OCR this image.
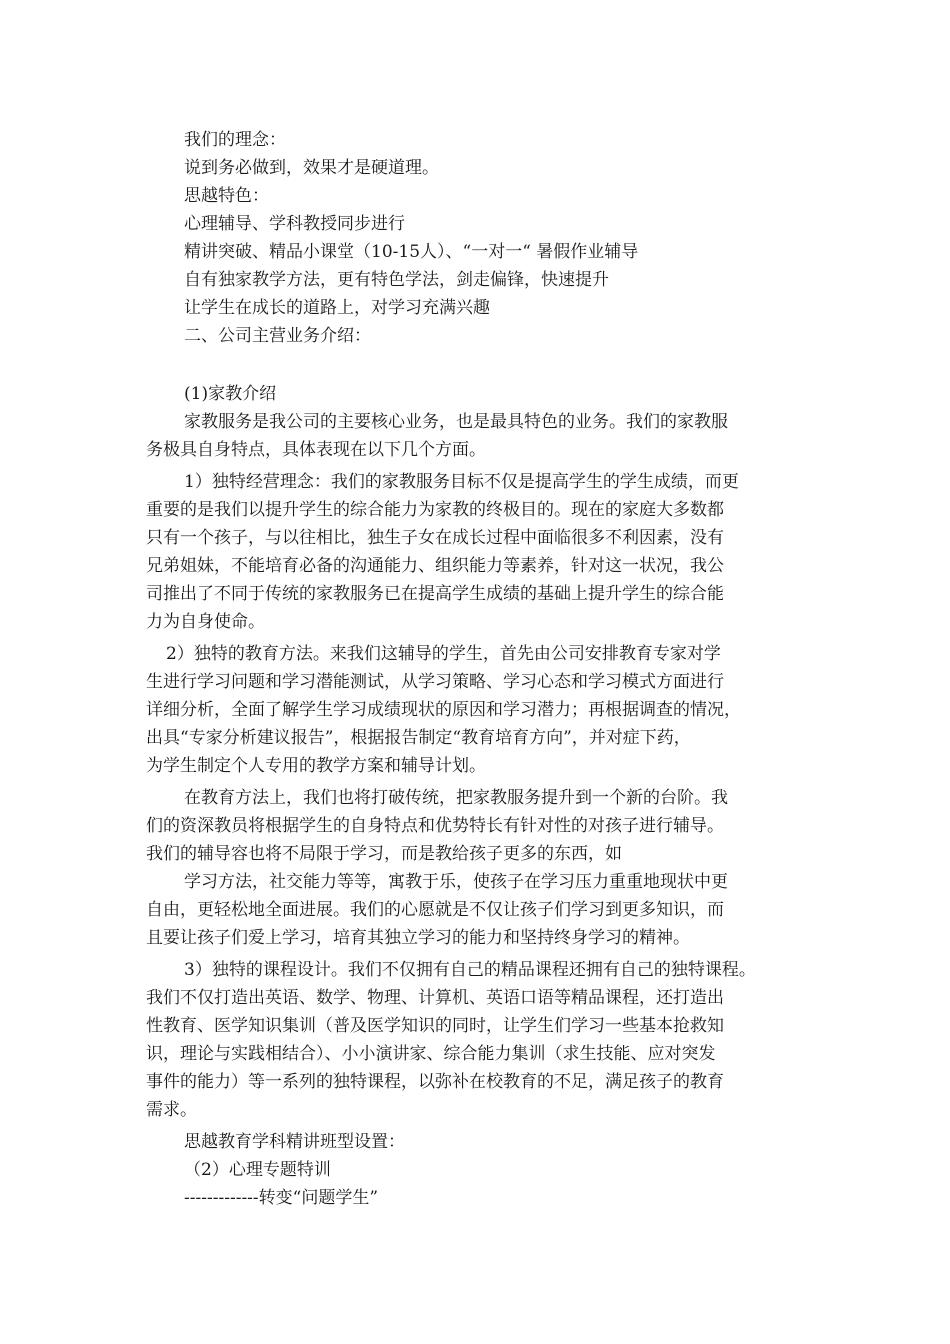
我们的理念：
说到务必做到，效果才是硬道理。
思越特色：
心理辅导、学科教授同步进行
精讲突破、精品小课堂（10-15人）、“一对一“ 暑假作业辅导
自有独家教学方法，更有特色学法，剑走偏锋，快速提升
让学生在成长的道路上，对学习充满兴趣
二、公司主营业务介绍：
(1)家教介绍
家教服务是我公司的主要核心业务，也是最具特色的业务。我们的家教服
务极具自身特点，具体表现在以下几个方面。
1）独特经营理念：我们的家教服务目标不仅是提高学生的学生成绩，而更
重要的是我们以提升学生的综合能力为家教的终极目的。现在的家庭大多数都
只有一个孩子，与以往相比，独生子女在成长过程中面临很多不利因素，没有
兄弟姐妹，不能培育必备的沟通能力、组织能力等素养，针对这一状况，我公
司推出了不同于传统的家教服务已在提高学生成绩的基础上提升学生的综合能
力为自身使命。
2）独特的教育方法。来我们这辅导的学生，首先由公司安排教育专家对学
生进行学习问题和学习潜能测试，从学习策略、学习心态和学习模式方面进行
详细分析，全面了解学生学习成绩现状的原因和学习潜力；再根据调查的情况，
出具“专家分析建议报告”，根据报告制定“教育培育方向”，并对症下药，
为学生制定个人专用的教学方案和辅导计划。
在教育方法上，我们也将打破传统，把家教服务提升到一个新的台阶。我
们的资深教员将根据学生的自身特点和优势特长有针对性的对孩子进行辅导。
我们的辅导容也将不局限于学习，而是教给孩子更多的东西，如
学习方法，社交能力等等，寓教于乐，使孩子在学习压力重重地现状中更
自由，更轻松地全面进展。我们的心愿就是不仅让孩子们学习到更多知识，而
且要让孩子们爱上学习，培育其独立学习的能力和坚持终身学习的精神。
3）独特的课程设计。我们不仅拥有自己的精品课程还拥有自己的独特课程。
我们不仅打造出英语、数学、物理、计算机、英语口语等精品课程，还打造出
性教育、医学知识集训（普及医学知识的同时，让学生们学习一些基本抢救知
识，理论与实践相结合）、小小演讲家、综合能力集训（求生技能、应对突发
事件的能力）等一系列的独特课程，以弥补在校教育的不足，满足孩子的教育
需求。
思越教育学科精讲班型设置：
（2）心理专题特训
-------------转变“问题学生”
